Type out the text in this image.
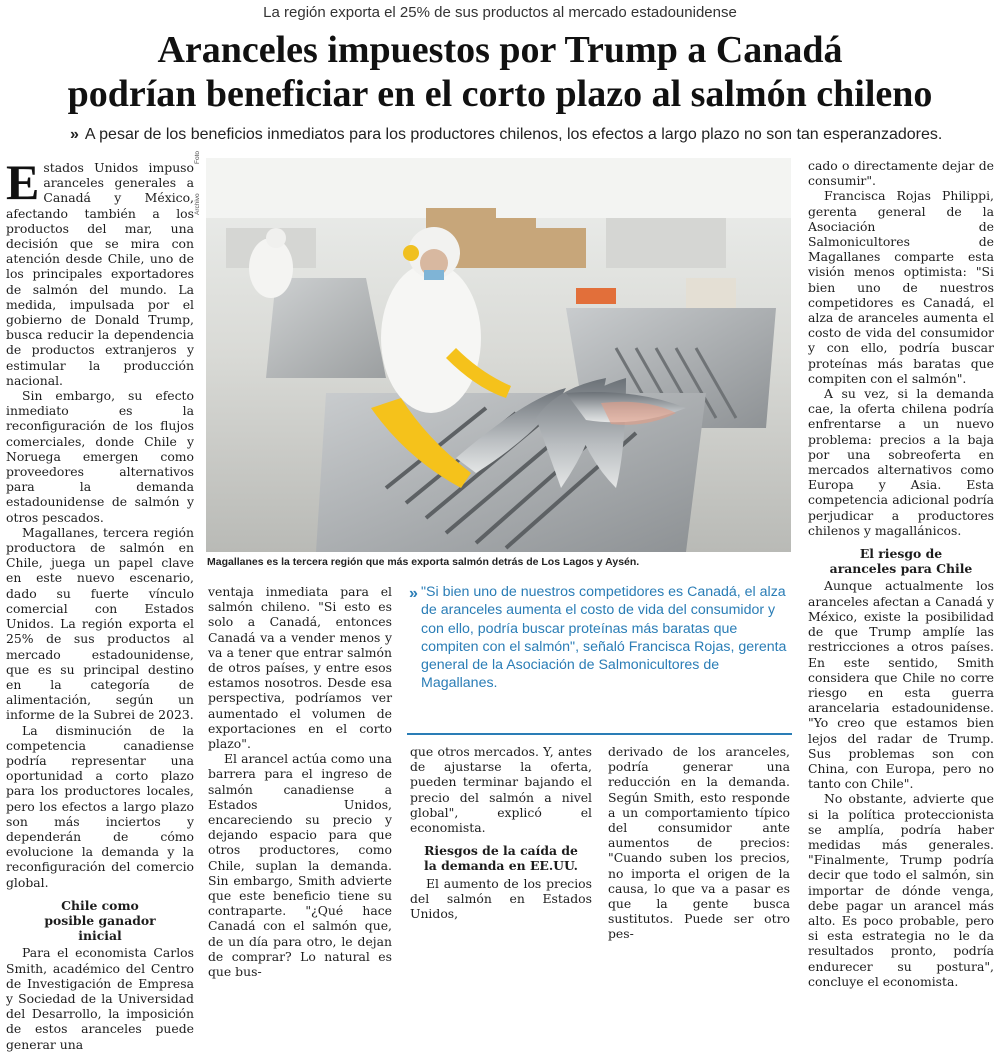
La región exporta el 25% de sus productos al mercado estadounidense
Aranceles impuestos por Trump a Canadá
podrían beneficiar en el corto plazo al salmón chileno
» A pesar de los beneficios inmediatos para los productores chilenos, los efectos a largo plazo no son tan esperanzadores.

Estados Unidos impuso aranceles generales a Canadá y México, afectando también a los productos del mar, una decisión que se mira con atención desde Chile, uno de los principales exportadores de salmón del mundo. La medida, impulsada por el gobierno de Donald Trump, busca reducir la dependencia de productos extranjeros y estimular la producción nacional.

Sin embargo, su efecto inmediato es la reconfiguración de los flujos comerciales, donde Chile y Noruega emergen como proveedores alternativos para la demanda estadounidense de salmón y otros pescados.

Magallanes, tercera región productora de salmón en Chile, juega un papel clave en este nuevo escenario, dado su fuerte vínculo comercial con Estados Unidos. La región exporta el 25% de sus productos al mercado estadounidense, que es su principal destino en la categoría de alimentación, según un informe de la Subrei de 2023.

La disminución de la competencia canadiense podría representar una oportunidad a corto plazo para los productores locales, pero los efectos a largo plazo son más inciertos y dependerán de cómo evolucione la demanda y la reconfiguración del comercio global.

Chile como posible ganador inicial

Para el economista Carlos Smith, académico del Centro de Investigación de Empresa y Sociedad de la Universidad del Desarrollo, la imposición de estos aranceles puede generar una

Foto
Archivo
Magallanes es la tercera región que más exporta salmón detrás de Los Lagos y Aysén.

ventaja inmediata para el salmón chileno. "Si esto es solo a Canadá, entonces Canadá va a vender menos y va a tener que entrar salmón de otros países, y entre esos estamos nosotros. Desde esa perspectiva, podríamos ver aumentado el volumen de exportaciones en el corto plazo".

El arancel actúa como una barrera para el ingreso de salmón canadiense a Estados Unidos, encareciendo su precio y dejando espacio para que otros productores, como Chile, suplan la demanda. Sin embargo, Smith advierte que este beneficio tiene su contraparte. "¿Qué hace Canadá con el salmón que, de un día para otro, le dejan de comprar? Lo natural es que bus-

» "Si bien uno de nuestros competidores es Canadá, el alza de aranceles aumenta el costo de vida del consumidor y con ello, podría buscar proteínas más baratas que compiten con el salmón", señaló Francisca Rojas, gerenta general de la Asociación de Salmonicultores de Magallanes.

que otros mercados. Y, antes de ajustarse la oferta, pueden terminar bajando el precio del salmón a nivel global", explicó el economista.

Riesgos de la caída de la demanda en EE.UU.

El aumento de los precios del salmón en Estados Unidos,

derivado de los aranceles, podría generar una reducción en la demanda. Según Smith, esto responde a un comportamiento típico del consumidor ante aumentos de precios: "Cuando suben los precios, no importa el origen de la causa, lo que va a pasar es que la gente busca sustitutos. Puede ser otro pes-

cado o directamente dejar de consumir".

Francisca Rojas Philippi, gerenta general de la Asociación de Salmonicultores de Magallanes comparte esta visión menos optimista: "Si bien uno de nuestros competidores es Canadá, el alza de aranceles aumenta el costo de vida del consumidor y con ello, podría buscar proteínas más baratas que compiten con el salmón".

A su vez, si la demanda cae, la oferta chilena podría enfrentarse a un nuevo problema: precios a la baja por una sobreoferta en mercados alternativos como Europa y Asia. Esta competencia adicional podría perjudicar a productores chilenos y magallánicos.

El riesgo de aranceles para Chile

Aunque actualmente los aranceles afectan a Canadá y México, existe la posibilidad de que Trump amplíe las restricciones a otros países. En este sentido, Smith considera que Chile no corre riesgo en esta guerra arancelaria estadounidense. "Yo creo que estamos bien lejos del radar de Trump. Sus problemas son con China, con Europa, pero no tanto con Chile".

No obstante, advierte que si la política proteccionista se amplía, podría haber medidas más generales. "Finalmente, Trump podría decir que todo el salmón, sin importar de dónde venga, debe pagar un arancel más alto. Es poco probable, pero si esta estrategia no le da resultados pronto, podría endurecer su postura", concluye el economista.
